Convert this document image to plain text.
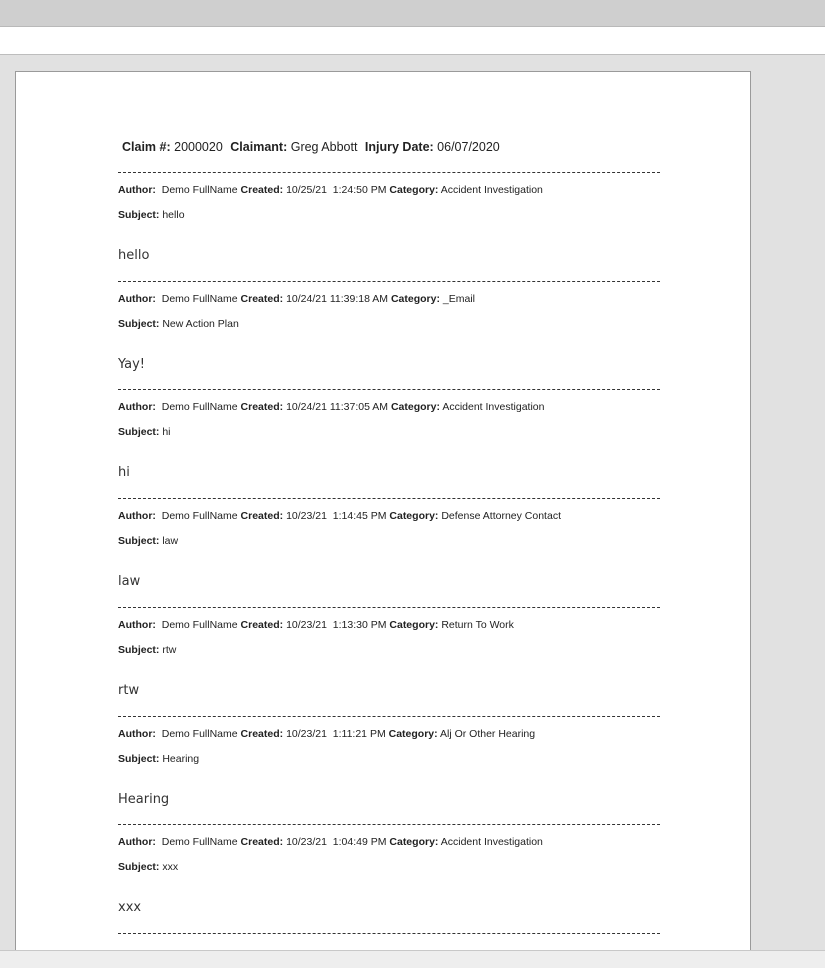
Claim #: 2000020 Claimant: Greg Abbott Injury Date: 06/07/2020
Author: Demo FullName Created: 10/25/21  1:24:50 PM Category: Accident Investigation
Subject: hello
hello
Author: Demo FullName Created: 10/24/21 11:39:18 AM Category: _Email
Subject: New Action Plan
Yay!
Author: Demo FullName Created: 10/24/21 11:37:05 AM Category: Accident Investigation
Subject: hi
hi
Author: Demo FullName Created: 10/23/21  1:14:45 PM Category: Defense Attorney Contact
Subject: law
law
Author: Demo FullName Created: 10/23/21  1:13:30 PM Category: Return To Work
Subject: rtw
rtw
Author: Demo FullName Created: 10/23/21  1:11:21 PM Category: Alj Or Other Hearing
Subject: Hearing
Hearing
Author: Demo FullName Created: 10/23/21  1:04:49 PM Category: Accident Investigation
Subject: xxx
xxx
